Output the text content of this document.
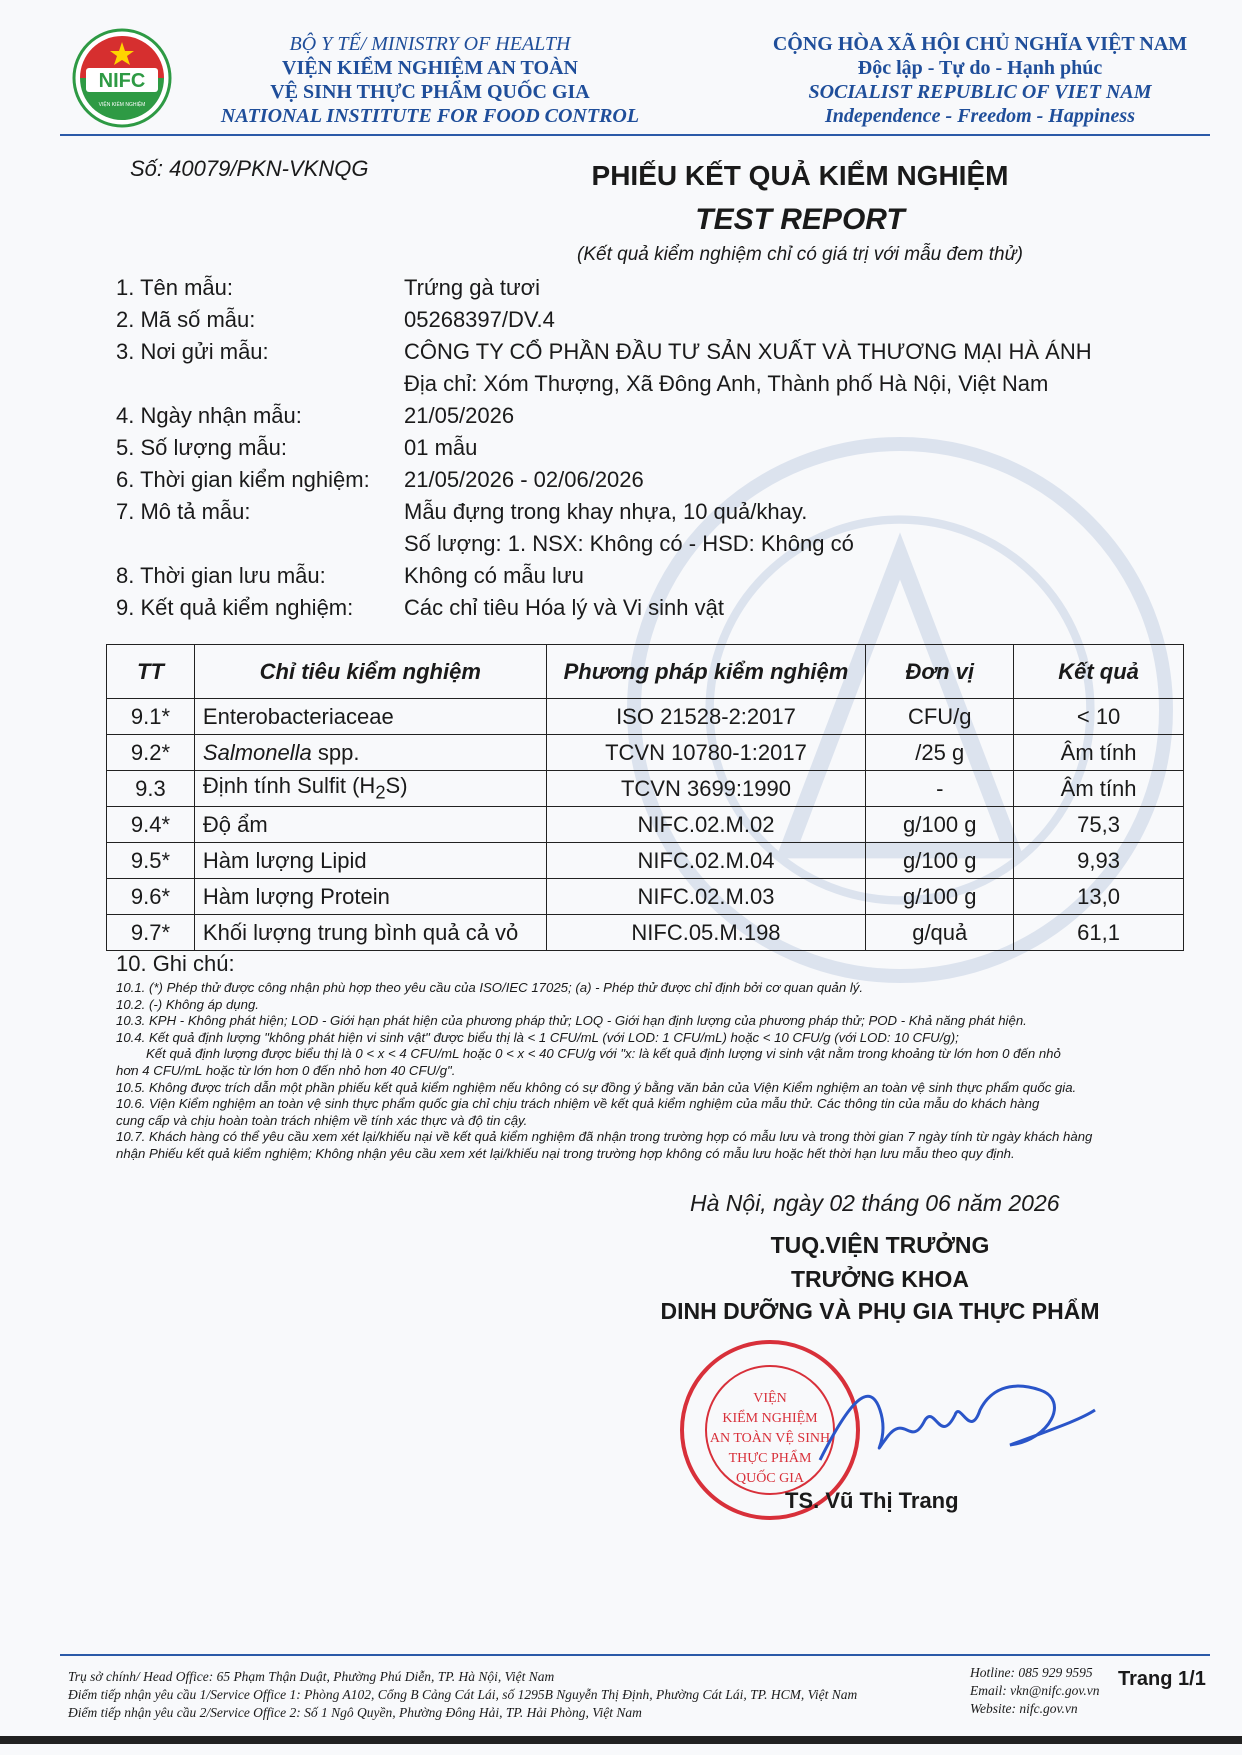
NIFC
VIỆN KIỂM NGHIỆM
BỘ Y TẾ/ MINISTRY OF HEALTH
VIỆN KIỂM NGHIỆM AN TOÀN
VỆ SINH THỰC PHẨM QUỐC GIA
NATIONAL INSTITUTE FOR FOOD CONTROL
CỘNG HÒA XÃ HỘI CHỦ NGHĨA VIỆT NAM
Độc lập - Tự do - Hạnh phúc
SOCIALIST REPUBLIC OF VIET NAM
Independence - Freedom - Happiness
Số: 40079/PKN-VKNQG	PHIẾU KẾT QUẢ KIỂM NGHIỆM
TEST REPORT
(Kết quả kiểm nghiệm chỉ có giá trị với mẫu đem thử)
1. Tên mẫu:	Trứng gà tươi
2. Mã số mẫu:	05268397/DV.4
3. Nơi gửi mẫu:	CÔNG TY CỔ PHẦN ĐẦU TƯ SẢN XUẤT VÀ THƯƠNG MẠI HÀ ÁNH
Địa chỉ: Xóm Thượng, Xã Đông Anh, Thành phố Hà Nội, Việt Nam
4. Ngày nhận mẫu:	21/05/2026
5. Số lượng mẫu:	01 mẫu
6. Thời gian kiểm nghiệm: 21/05/2026 - 02/06/2026
7. Mô tả mẫu:	Mẫu đựng trong khay nhựa, 10 quả/khay.
Số lượng: 1. NSX: Không có - HSD: Không có
8. Thời gian lưu mẫu:	Không có mẫu lưu
9. Kết quả kiểm nghiệm: Các chỉ tiêu Hóa lý và Vi sinh vật
TT	Chỉ tiêu kiểm nghiệm	Phương pháp kiểm nghiệm	Đơn vị	Kết quả
9.1*	Enterobacteriaceae	ISO 21528-2:2017	CFU/g	< 10
9.2*	Salmonella spp.	TCVN 10780-1:2017	/25 g	Âm tính
9.3	Định tính Sulfit $(H_2S)$	TCVN 3699:1990	-	Âm tính
9.4*	Độ ẩm	NIFC.02.M.02	g/100 g	75,3
9.5*	Hàm lượng Lipid	NIFC.02.M.04	g/100 g	9,93
9.6*	Hàm lượng Protein	NIFC.02.M.03	g/100 g	13,0
9.7*	Khối lượng trung bình quả cả vỏ	NIFC.05.M.198	g/quả	61,1
10. Ghi chú:

10.1. (*) Phép thử được công nhận phù hợp theo yêu cầu của ISO/IEC 17025; (a) - Phép thử được chỉ định bởi cơ quan quản lý.

10.2. (-) Không áp dụng.

10.3. KPH - Không phát hiện; LOD - Giới hạn phát hiện của phương pháp thử; LOQ - Giới hạn định lượng của phương pháp thử; POD - Khả năng phát hiện.

10.4. Kết quả định lượng "không phát hiện vi sinh vật" được biểu thị là < 1 CFU/mL (với LOD: 1 CFU/mL) hoặc < 10 CFU/g (với LOD: 10 CFU/g);

Kết quả định lượng được biểu thị là 0 < x < 4 CFU/mL hoặc 0 < x < 40 CFU/g với "x: là kết quả định lượng vi sinh vật nằm trong khoảng từ lớn hơn 0 đến nhỏ

hơn 4 CFU/mL hoặc từ lớn hơn 0 đến nhỏ hơn 40 CFU/g".

10.5. Không được trích dẫn một phần phiếu kết quả kiểm nghiệm nếu không có sự đồng ý bằng văn bản của Viện Kiểm nghiệm an toàn vệ sinh thực phẩm quốc gia.

10.6. Viện Kiểm nghiệm an toàn vệ sinh thực phẩm quốc gia chỉ chịu trách nhiệm về kết quả kiểm nghiệm của mẫu thử. Các thông tin của mẫu do khách hàng

cung cấp và chịu hoàn toàn trách nhiệm về tính xác thực và độ tin cậy.

10.7. Khách hàng có thể yêu cầu xem xét lại/khiếu nại về kết quả kiểm nghiệm đã nhận trong trường hợp có mẫu lưu và trong thời gian 7 ngày tính từ ngày khách hàng

nhận Phiếu kết quả kiểm nghiệm; Không nhận yêu cầu xem xét lại/khiếu nại trong trường hợp không có mẫu lưu hoặc hết thời hạn lưu mẫu theo quy định.

Hà Nội, ngày 02 tháng 06 năm 2026
TUQ.VIỆN TRƯỞNG
TRƯỞNG KHOA
DINH DƯỠNG VÀ PHỤ GIA THỰC PHẨM
VIỆN
KIỂM NGHIỆM
AN TOÀN VỆ SINH
THỰC PHẨM
QUỐC GIA
TS. Vũ Thị Trang
Trụ sở chính/ Head Office: 65 Phạm Thận Duật, Phường Phú Diễn, TP. Hà Nội, Việt Nam
Điểm tiếp nhận yêu cầu 1/Service Office 1: Phòng A102, Cổng B Cảng Cát Lái, số 1295B Nguyễn Thị Định, Phường Cát Lái, TP. HCM, Việt Nam
Điểm tiếp nhận yêu cầu 2/Service Office 2: Số 1 Ngô Quyền, Phường Đông Hải, TP. Hải Phòng, Việt Nam
Hotline: 085 929 9595
Email: vkn@nifc.gov.vn
Website: nifc.gov.vn
Trang 1/1
